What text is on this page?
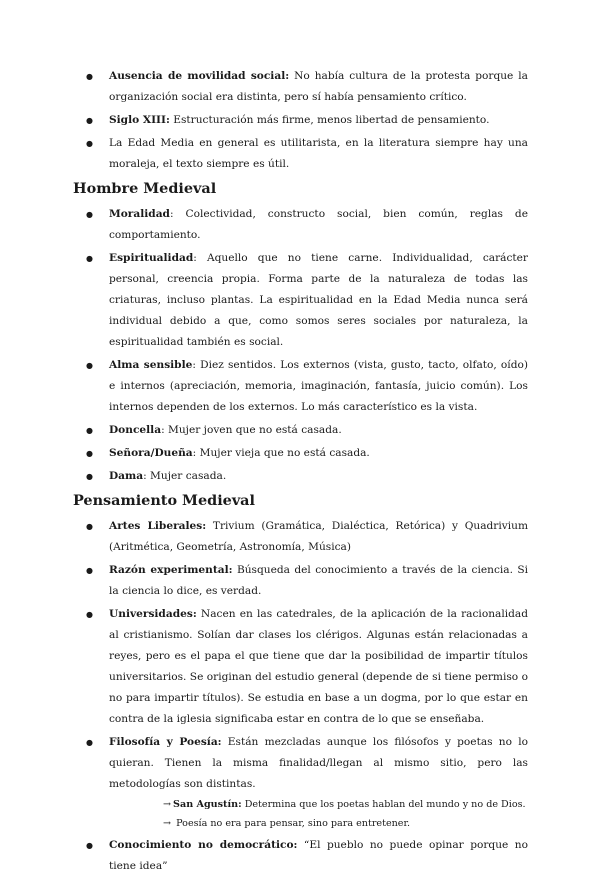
● Ausencia de movilidad social: No había cultura de la protesta porque la organización social era distinta, pero sí había pensamiento crítico.
● Siglo XIII: Estructuración más firme, menos libertad de pensamiento.
● La Edad Media en general es utilitarista, en la literatura siempre hay una moraleja, el texto siempre es útil.
Hombre Medieval
● Moralidad: Colectividad, constructo social, bien común, reglas de comportamiento.
● Espiritualidad: Aquello que no tiene carne. Individualidad, carácter personal, creencia propia. Forma parte de la naturaleza de todas las criaturas, incluso plantas. La espiritualidad en la Edad Media nunca será individual debido a que, como somos seres sociales por naturaleza, la espiritualidad también es social.
● Alma sensible: Diez sentidos. Los externos (vista, gusto, tacto, olfato, oído) e internos (apreciación, memoria, imaginación, fantasía, juicio común). Los internos dependen de los externos. Lo más característico es la vista.
● Doncella: Mujer joven que no está casada.
● Señora/Dueña: Mujer vieja que no está casada.
● Dama: Mujer casada.
Pensamiento Medieval
● Artes Liberales: Trivium (Gramática, Dialéctica, Retórica) y Quadrivium (Aritmética, Geometría, Astronomía, Música)
● Razón experimental: Búsqueda del conocimiento a través de la ciencia. Si la ciencia lo dice, es verdad.
● Universidades: Nacen en las catedrales, de la aplicación de la racionalidad al cristianismo. Solían dar clases los clérigos. Algunas están relacionadas a reyes, pero es el papa el que tiene que dar la posibilidad de impartir títulos universitarios. Se originan del estudio general (depende de si tiene permiso o no para impartir títulos). Se estudia en base a un dogma, por lo que estar en contra de la iglesia significaba estar en contra de lo que se enseñaba.
● Filosofía y Poesía: Están mezcladas aunque los filósofos y poetas no lo quieran. Tienen la misma finalidad/llegan al mismo sitio, pero las metodologías son distintas.
→ San Agustín: Determina que los poetas hablan del mundo y no de Dios.
→ Poesía no era para pensar, sino para entretener.
● Conocimiento no democrático: “El pueblo no puede opinar porque no tiene idea”
